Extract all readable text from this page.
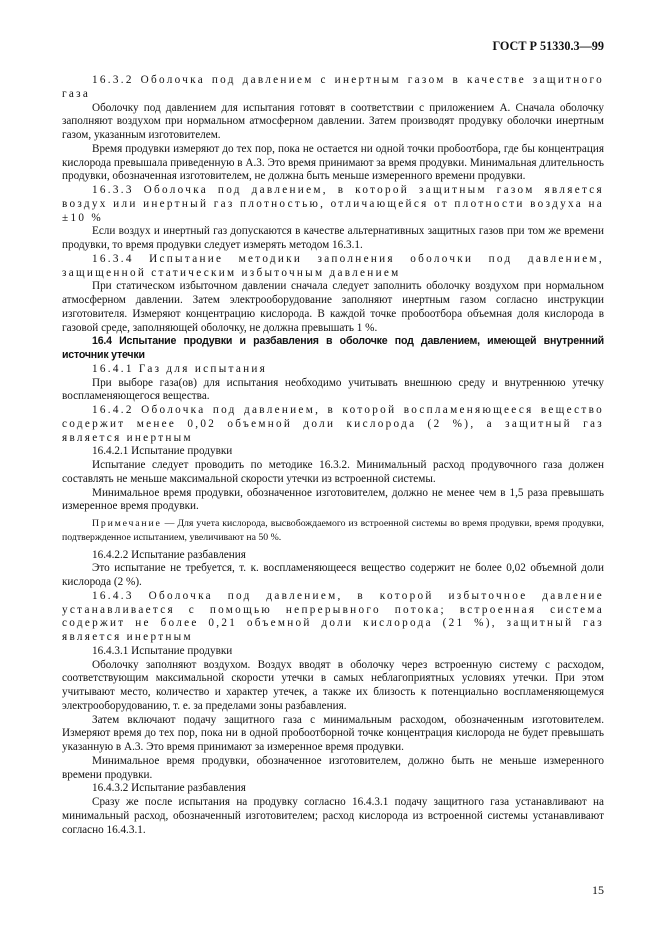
ГОСТ Р 51330.3—99

16.3.2 Оболочка под давлением с инертным газом в качестве защитного газа

Оболочку под давлением для испытания готовят в соответствии с приложением А. Сначала оболочку заполняют воздухом при нормальном атмосферном давлении. Затем производят продувку оболочки инертным газом, указанным изготовителем.

Время продувки измеряют до тех пор, пока не остается ни одной точки пробоотбора, где бы концентрация кислорода превышала приведенную в А.3. Это время принимают за время продувки. Минимальная длительность продувки, обозначенная изготовителем, не должна быть меньше измеренного времени продувки.

16.3.3 Оболочка под давлением, в которой защитным газом является воздух или инертный газ плотностью, отличающейся от плотности воздуха на ±10 %

Если воздух и инертный газ допускаются в качестве альтернативных защитных газов при том же времени продувки, то время продувки следует измерять методом 16.3.1.

16.3.4 Испытание методики заполнения оболочки под давлением, защищенной статическим избыточным давлением

При статическом избыточном давлении сначала следует заполнить оболочку воздухом при нормальном атмосферном давлении. Затем электрооборудование заполняют инертным газом согласно инструкции изготовителя. Измеряют концентрацию кислорода. В каждой точке пробоотбора объемная доля кислорода в газовой среде, заполняющей оболочку, не должна превышать 1 %.

16.4 Испытание продувки и разбавления в оболочке под давлением, имеющей внутренний источник утечки

16.4.1 Газ для испытания

При выборе газа(ов) для испытания необходимо учитывать внешнюю среду и внутреннюю утечку воспламеняющегося вещества.

16.4.2 Оболочка под давлением, в которой воспламеняющееся вещество содержит менее 0,02 объемной доли кислорода (2 %), а защитный газ является инертным

16.4.2.1 Испытание продувки

Испытание следует проводить по методике 16.3.2. Минимальный расход продувочного газа должен составлять не меньше максимальной скорости утечки из встроенной системы.

Минимальное время продувки, обозначенное изготовителем, должно не менее чем в 1,5 раза превышать измеренное время продувки.

Примечание — Для учета кислорода, высвобождаемого из встроенной системы во время продувки, время продувки, подтвержденное испытанием, увеличивают на 50 %.

16.4.2.2 Испытание разбавления

Это испытание не требуется, т. к. воспламеняющееся вещество содержит не более 0,02 объемной доли кислорода (2 %).

16.4.3 Оболочка под давлением, в которой избыточное давление устанавливается с помощью непрерывного потока; встроенная система содержит не более 0,21 объемной доли кислорода (21 %), защитный газ является инертным

16.4.3.1 Испытание продувки

Оболочку заполняют воздухом. Воздух вводят в оболочку через встроенную систему с расходом, соответствующим максимальной скорости утечки в самых неблагоприятных условиях утечки. При этом учитывают место, количество и характер утечек, а также их близость к потенциально воспламеняющемуся электрооборудованию, т. е. за пределами зоны разбавления.

Затем включают подачу защитного газа с минимальным расходом, обозначенным изготовителем. Измеряют время до тех пор, пока ни в одной пробоотборной точке концентрация кислорода не будет превышать указанную в А.3. Это время принимают за измеренное время продувки.

Минимальное время продувки, обозначенное изготовителем, должно быть не меньше измеренного времени продувки.

16.4.3.2 Испытание разбавления

Сразу же после испытания на продувку согласно 16.4.3.1 подачу защитного газа устанавливают на минимальный расход, обозначенный изготовителем; расход кислорода из встроенной системы устанавливают согласно 16.4.3.1.

15
